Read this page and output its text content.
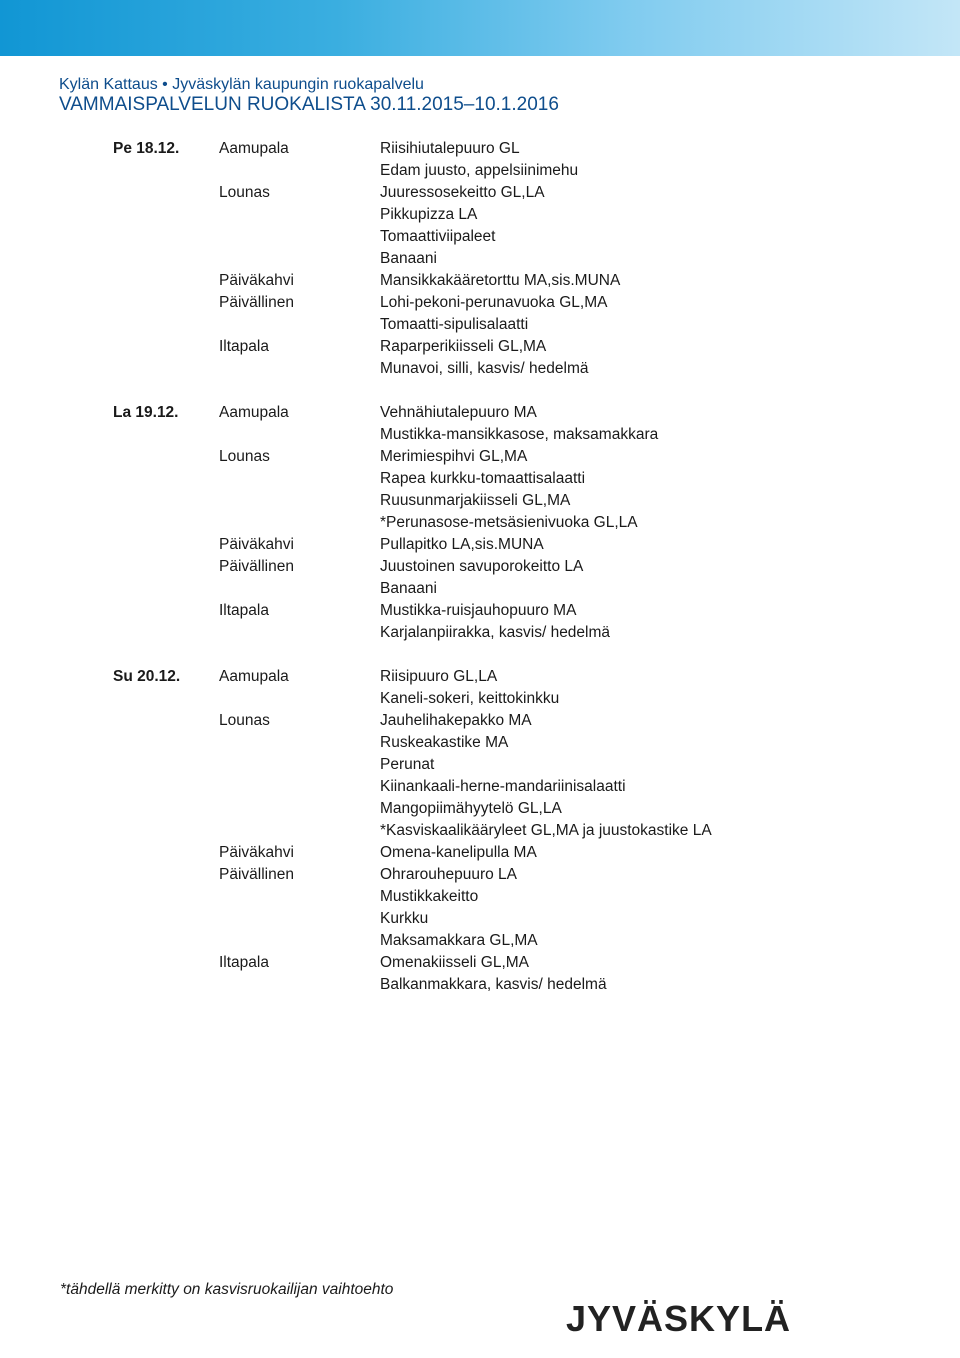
Kylän Kattaus • Jyväskylän kaupungin ruokapalvelu
VAMMAISPALVELUN RUOKALISTA 30.11.2015–10.1.2016
Pe 18.12.	Aamupala	Riisihiutalepuuro GL
Edam juusto, appelsiinimehu
Lounas	Juuressosekeitto GL,LA
Pikkupizza LA
Tomaattiviipaleet
Banaani
Päiväkahvi	Mansikkakääretorttu MA,sis.MUNA
Päivällinen	Lohi-pekoni-perunavuoka GL,MA
Tomaatti-sipulisalaatti
Iltapala	Raparperikiisseli GL,MA
Munavoi, silli, kasvis/ hedelmä
La 19.12.	Aamupala	Vehnähiutalepuuro MA
Mustikka-mansikkasose, maksamakkara
Lounas	Merimiespihvi GL,MA
Rapea kurkku-tomaattisalaatti
Ruusunmarjakiisseli GL,MA
*Perunasose-metsäsienivuoka GL,LA
Päiväkahvi	Pullapitko LA,sis.MUNA
Päivällinen	Juustoinen savuporokeitto LA
Banaani
Iltapala	Mustikka-ruisjauhopuuro MA
Karjalanpiirakka, kasvis/ hedelmä
Su 20.12.	Aamupala	Riisipuuro GL,LA
Kaneli-sokeri, keittokinkku
Lounas	Jauhelihakepakko MA
Ruskeakastike MA
Perunat
Kiinankaali-herne-mandariinisalaatti
Mangopiimähyytelö GL,LA
*Kasviskaalikääryleet GL,MA ja juustokastike LA
Päiväkahvi	Omena-kanelipulla MA
Päivällinen	Ohrarouhepuuro LA
Mustikkakeitto
Kurkku
Maksamakkara GL,MA
Iltapala	Omenakiisseli GL,MA
Balkanmakkara, kasvis/ hedelmä
*tähdellä merkitty on kasvisruokailijan vaihtoehto
JYVÄSKYLÄ
